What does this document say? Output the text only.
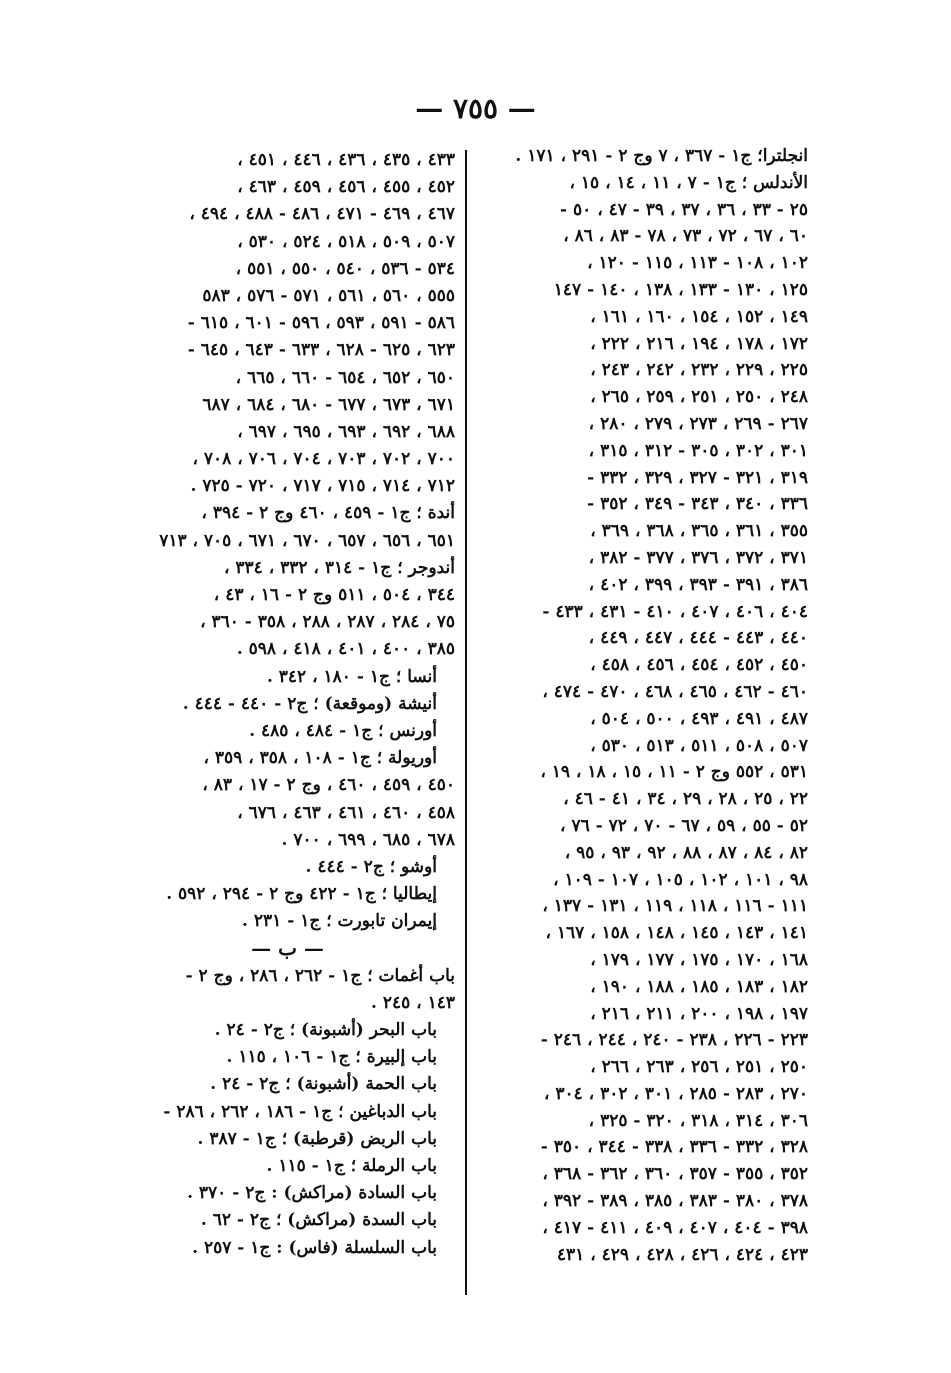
— ٧٥٥ —
انجلترا؛ ج١ - ٣٦٧ ، ٧ وج ٢ - ٢٩١ ، ١٧١ .
الأندلس ؛ ج١ - ٧ ، ١١ ، ١٤ ، ١٥ ،
٢٥ - ٣٣ ، ٣٦ ، ٣٧ ، ٣٩ - ٤٧ ، ٥٠ -
٦٠ ، ٦٧ ، ٧٢ ، ٧٣ ، ٧٨ - ٨٣ ، ٨٦ ،
١٠٢ ، ١٠٨ - ١١٣ ، ١١٥ - ١٢٠ ،
١٢٥ ، ١٣٠ - ١٣٣ ، ١٣٨ ، ١٤٠ - ١٤٧
١٤٩ ، ١٥٢ ، ١٥٤ ، ١٦٠ ، ١٦١ ،
١٧٢ ، ١٧٨ ، ١٩٤ ، ٢١٦ ، ٢٢٢ ،
٢٢٥ ، ٢٢٩ ، ٢٣٢ ، ٢٤٢ ، ٢٤٣ ،
٢٤٨ ، ٢٥٠ ، ٢٥١ ، ٢٥٩ ، ٢٦٥ ،
٢٦٧ - ٢٦٩ ، ٢٧٣ ، ٢٧٩ ، ٢٨٠ ،
٣٠١ ، ٣٠٢ ، ٣٠٥ - ٣١٢ ، ٣١٥ ،
٣١٩ ، ٣٢١ - ٣٢٧ ، ٣٢٩ ، ٣٣٢ -
٣٣٦ ، ٣٤٠ ، ٣٤٣ - ٣٤٩ ، ٣٥٢ -
٣٥٥ ، ٣٦١ ، ٣٦٥ ، ٣٦٨ ، ٣٦٩ ،
٣٧١ ، ٣٧٢ ، ٣٧٦ ، ٣٧٧ - ٣٨٢ ،
٣٨٦ ، ٣٩١ - ٣٩٣ ، ٣٩٩ ، ٤٠٢ ،
٤٠٤ ، ٤٠٦ ، ٤٠٧ ، ٤١٠ - ٤٣١ ، ٤٣٣ -
٤٤٠ ، ٤٤٣ - ٤٤٤ ، ٤٤٧ ، ٤٤٩ ،
٤٥٠ ، ٤٥٢ ، ٤٥٤ ، ٤٥٦ ، ٤٥٨ ،
٤٦٠ - ٤٦٢ ، ٤٦٥ ، ٤٦٨ ، ٤٧٠ - ٤٧٤ ،
٤٨٧ ، ٤٩١ ، ٤٩٣ ، ٥٠٠ ، ٥٠٤ ،
٥٠٧ ، ٥٠٨ ، ٥١١ ، ٥١٣ ، ٥٣٠ ،
٥٣١ ، ٥٥٢ وج ٢ - ١١ ، ١٥ ، ١٨ ، ١٩ ،
٢٢ ، ٢٥ ، ٢٨ ، ٢٩ ، ٣٤ ، ٤١ - ٤٦ ،
٥٢ - ٥٥ ، ٥٩ ، ٦٧ - ٧٠ ، ٧٢ - ٧٦ ،
٨٢ ، ٨٤ ، ٨٧ ، ٨٨ ، ٩٢ ، ٩٣ ، ٩٥ ،
٩٨ ، ١٠١ ، ١٠٢ ، ١٠٥ ، ١٠٧ - ١٠٩ ،
١١١ - ١١٦ ، ١١٨ ، ١١٩ ، ١٣١ - ١٣٧ ،
١٤١ ، ١٤٣ ، ١٤٥ ، ١٤٨ ، ١٥٨ ، ١٦٧ ،
١٦٨ ، ١٧٠ ، ١٧٥ ، ١٧٧ ، ١٧٩ ،
١٨٢ ، ١٨٣ ، ١٨٥ ، ١٨٨ ، ١٩٠ ،
١٩٧ ، ١٩٨ ، ٢٠٠ ، ٢١١ ، ٢١٦ ،
٢٢٣ - ٢٢٦ ، ٢٣٨ - ٢٤٠ ، ٢٤٤ ، ٢٤٦ -
٢٥٠ ، ٢٥١ ، ٢٥٦ ، ٢٦٣ ، ٢٦٦ ،
٢٧٠ ، ٢٨٣ - ٢٨٥ ، ٣٠١ ، ٣٠٢ ، ٣٠٤ ،
٣٠٦ ، ٣١٤ ، ٣١٨ ، ٣٢٠ - ٣٢٥ ،
٣٢٨ ، ٣٣٢ - ٣٣٦ ، ٣٣٨ - ٣٤٤ ، ٣٥٠ -
٣٥٢ ، ٣٥٥ - ٣٥٧ ، ٣٦٠ ، ٣٦٢ - ٣٦٨ ،
٣٧٨ ، ٣٨٠ - ٣٨٣ ، ٣٨٥ ، ٣٨٩ - ٣٩٢ ،
٣٩٨ - ٤٠٤ ، ٤٠٧ ، ٤٠٩ ، ٤١١ - ٤١٧ ،
٤٢٣ ، ٤٢٤ ، ٤٢٦ ، ٤٢٨ ، ٤٢٩ ، ٤٣١
٤٣٣ ، ٤٣٥ ، ٤٣٦ ، ٤٤٦ ، ٤٥١ ،
٤٥٢ ، ٤٥٥ ، ٤٥٦ ، ٤٥٩ ، ٤٦٣ ،
٤٦٧ ، ٤٦٩ - ٤٧١ ، ٤٨٦ - ٤٨٨ ، ٤٩٤ ،
٥٠٧ ، ٥٠٩ ، ٥١٨ ، ٥٢٤ ، ٥٣٠ ،
٥٣٤ - ٥٣٦ ، ٥٤٠ ، ٥٥٠ ، ٥٥١ ،
٥٥٥ ، ٥٦٠ ، ٥٦١ ، ٥٧١ - ٥٧٦ ، ٥٨٣
٥٨٦ - ٥٩١ ، ٥٩٣ ، ٥٩٦ - ٦٠١ ، ٦١٥ -
٦٢٣ ، ٦٢٥ - ٦٢٨ ، ٦٣٣ - ٦٤٣ ، ٦٤٥ -
٦٥٠ ، ٦٥٢ ، ٦٥٤ - ٦٦٠ ، ٦٦٥ ،
٦٧١ ، ٦٧٣ ، ٦٧٧ - ٦٨٠ ، ٦٨٤ ، ٦٨٧
٦٨٨ ، ٦٩٢ ، ٦٩٣ ، ٦٩٥ ، ٦٩٧ ،
٧٠٠ ، ٧٠٢ ، ٧٠٣ ، ٧٠٤ ، ٧٠٦ ، ٧٠٨ ،
٧١٢ ، ٧١٤ ، ٧١٥ ، ٧١٧ ، ٧٢٠ - ٧٢٥ .
أندة ؛ ج١ - ٤٥٩ ، ٤٦٠ وج ٢ - ٣٩٤ ،
٦٥١ ، ٦٥٦ ، ٦٥٧ ، ٦٧٠ ، ٦٧١ ، ٧٠٥ ، ٧١٣
أندوجر ؛ ج١ - ٣١٤ ، ٣٣٢ ، ٣٣٤ ،
٣٤٤ ، ٥٠٤ ، ٥١١ وج ٢ - ١٦ ، ٤٣ ،
٧٥ ، ٢٨٤ ، ٢٨٧ ، ٢٨٨ ، ٣٥٨ - ٣٦٠ ،
٣٨٥ ، ٤٠٠ ، ٤٠١ ، ٤١٨ ، ٥٩٨ .
أنسا ؛ ج١ - ١٨٠ ، ٣٤٢ .
أنيشة (وموقعة) ؛ ج٢ - ٤٤٠ - ٤٤٤ .
أورنس ؛ ج١ - ٤٨٤ ، ٤٨٥ .
أوريولة ؛ ج١ - ١٠٨ ، ٣٥٨ ، ٣٥٩ ،
٤٥٠ ، ٤٥٩ ، ٤٦٠ ، وج ٢ - ١٧ ، ٨٣ ،
٤٥٨ ، ٤٦٠ ، ٤٦١ ، ٤٦٣ ، ٦٧٦ ،
٦٧٨ ، ٦٨٥ ، ٦٩٩ ، ٧٠٠ .
أوشو ؛ ج٢ - ٤٤٤ .
إيطاليا ؛ ج١ - ٤٢٢ وج ٢ - ٢٩٤ ، ٥٩٢ .
إيمران تابورت ؛ ج١ - ٢٣١ .
— ب —
باب أغمات ؛ ج١ - ٢٦٢ ، ٢٨٦ ، وج ٢ -
١٤٣ ، ٢٤٥ .
باب البحر (أشبونة) ؛ ج٢ - ٢٤ .
باب إلبيرة ؛ ج١ - ١٠٦ ، ١١٥ .
باب الحمة (أشبونة) ؛ ج٢ - ٢٤ .
باب الدباغين ؛ ج١ - ١٨٦ ، ٢٦٢ ، ٢٨٦ -
باب الربض (قرطبة) ؛ ج١ - ٣٨٧ .
باب الرملة ؛ ج١ - ١١٥ .
باب السادة (مراكش) : ج٢ - ٣٧٠ .
باب السدة (مراكش) ؛ ج٢ - ٦٢ .
باب السلسلة (فاس) : ج١ - ٢٥٧ .
